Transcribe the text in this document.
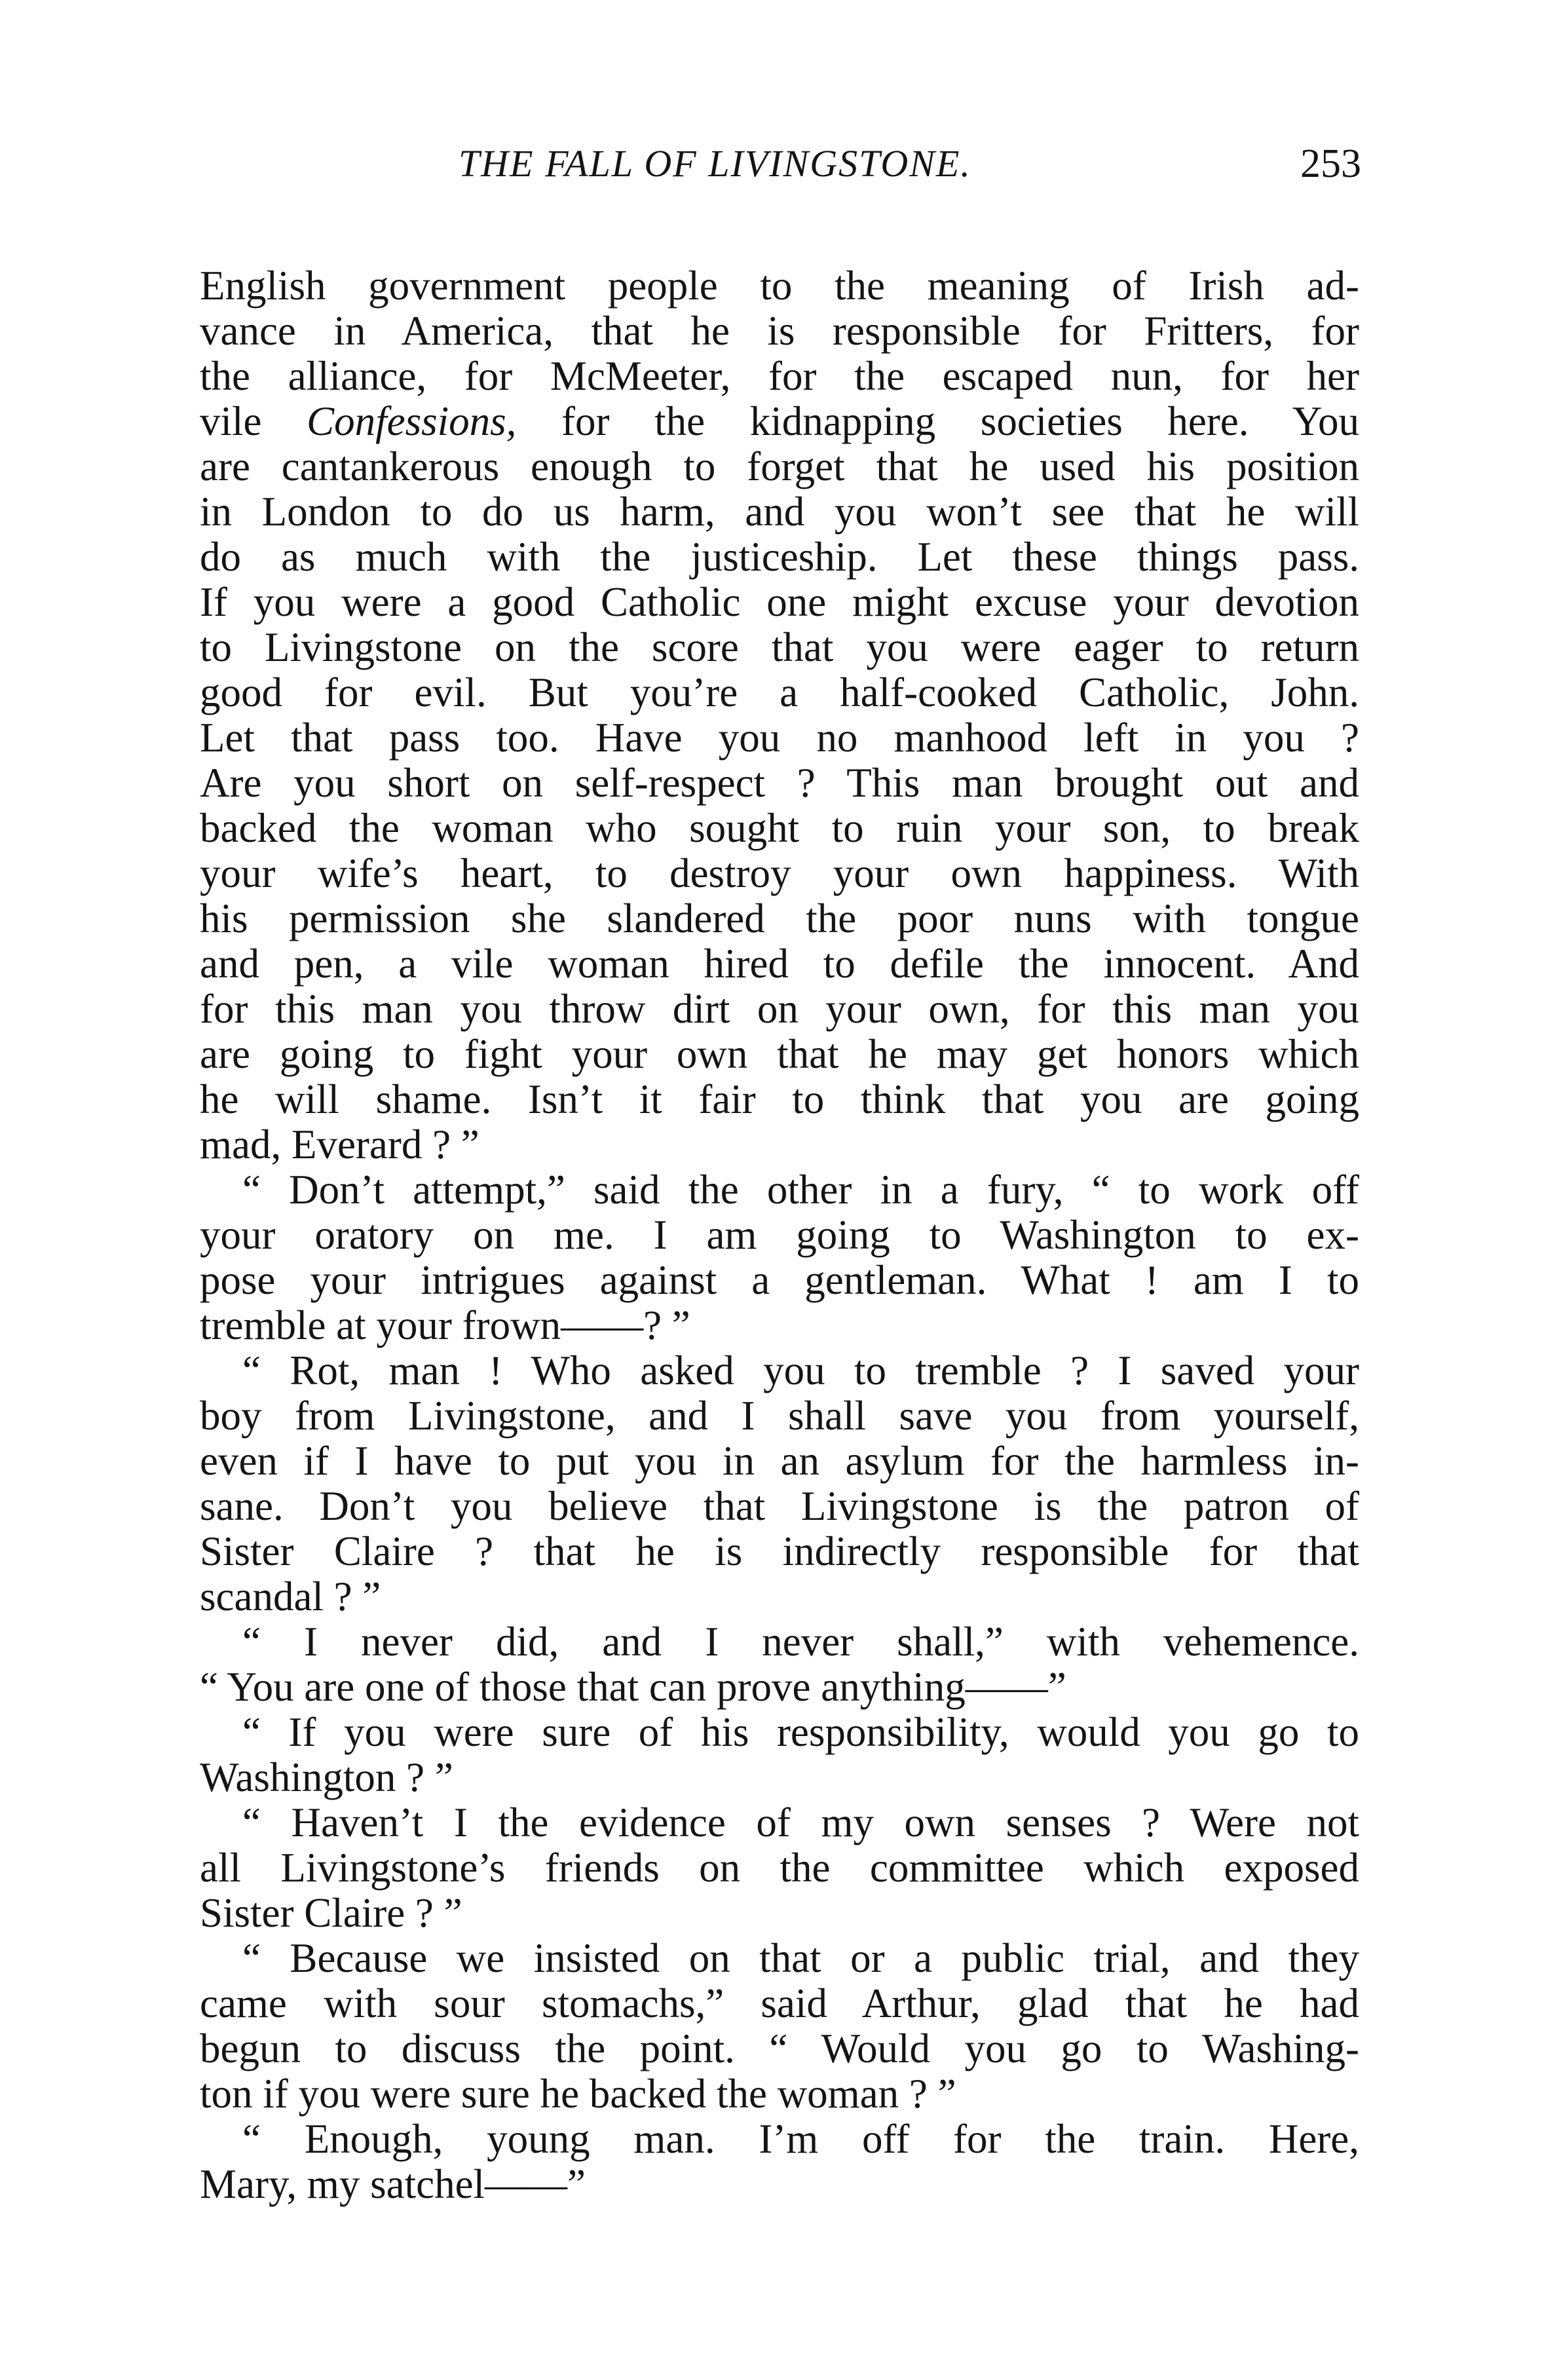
THE FALL OF LIVINGSTONE.	253
English government people to the meaning of Irish ad-
vance in America, that he is responsible for Fritters, for
the alliance, for McMeeter, for the escaped nun, for her
vile Confessions, for the kidnapping societies here. You
are cantankerous enough to forget that he used his position
in London to do us harm, and you won’t see that he will
do as much with the justiceship. Let these things pass.
If you were a good Catholic one might excuse your devotion
to Livingstone on the score that you were eager to return
good for evil. But you’re a half-cooked Catholic, John.
Let that pass too. Have you no manhood left in you ?
Are you short on self-respect ? This man brought out and
backed the woman who sought to ruin your son, to break
your wife’s heart, to destroy your own happiness. With
his permission she slandered the poor nuns with tongue
and pen, a vile woman hired to defile the innocent. And
for this man you throw dirt on your own, for this man you
are going to fight your own that he may get honors which
he will shame. Isn’t it fair to think that you are going
mad, Everard ? ”
“ Don’t attempt,” said the other in a fury, “ to work off
your oratory on me. I am going to Washington to ex-
pose your intrigues against a gentleman. What ! am I to
tremble at your frown——? ”
“ Rot, man ! Who asked you to tremble ? I saved your
boy from Livingstone, and I shall save you from yourself,
even if I have to put you in an asylum for the harmless in-
sane. Don’t you believe that Livingstone is the patron of
Sister Claire ? that he is indirectly responsible for that
scandal ? ”
“ I never did, and I never shall,” with vehemence.
“ You are one of those that can prove anything——”
“ If you were sure of his responsibility, would you go to
Washington ? ”
“ Haven’t I the evidence of my own senses ? Were not
all Livingstone’s friends on the committee which exposed
Sister Claire ? ”
“ Because we insisted on that or a public trial, and they
came with sour stomachs,” said Arthur, glad that he had
begun to discuss the point. “ Would you go to Washing-
ton if you were sure he backed the woman ? ”
“ Enough, young man. I’m off for the train. Here,
Mary, my satchel——”
